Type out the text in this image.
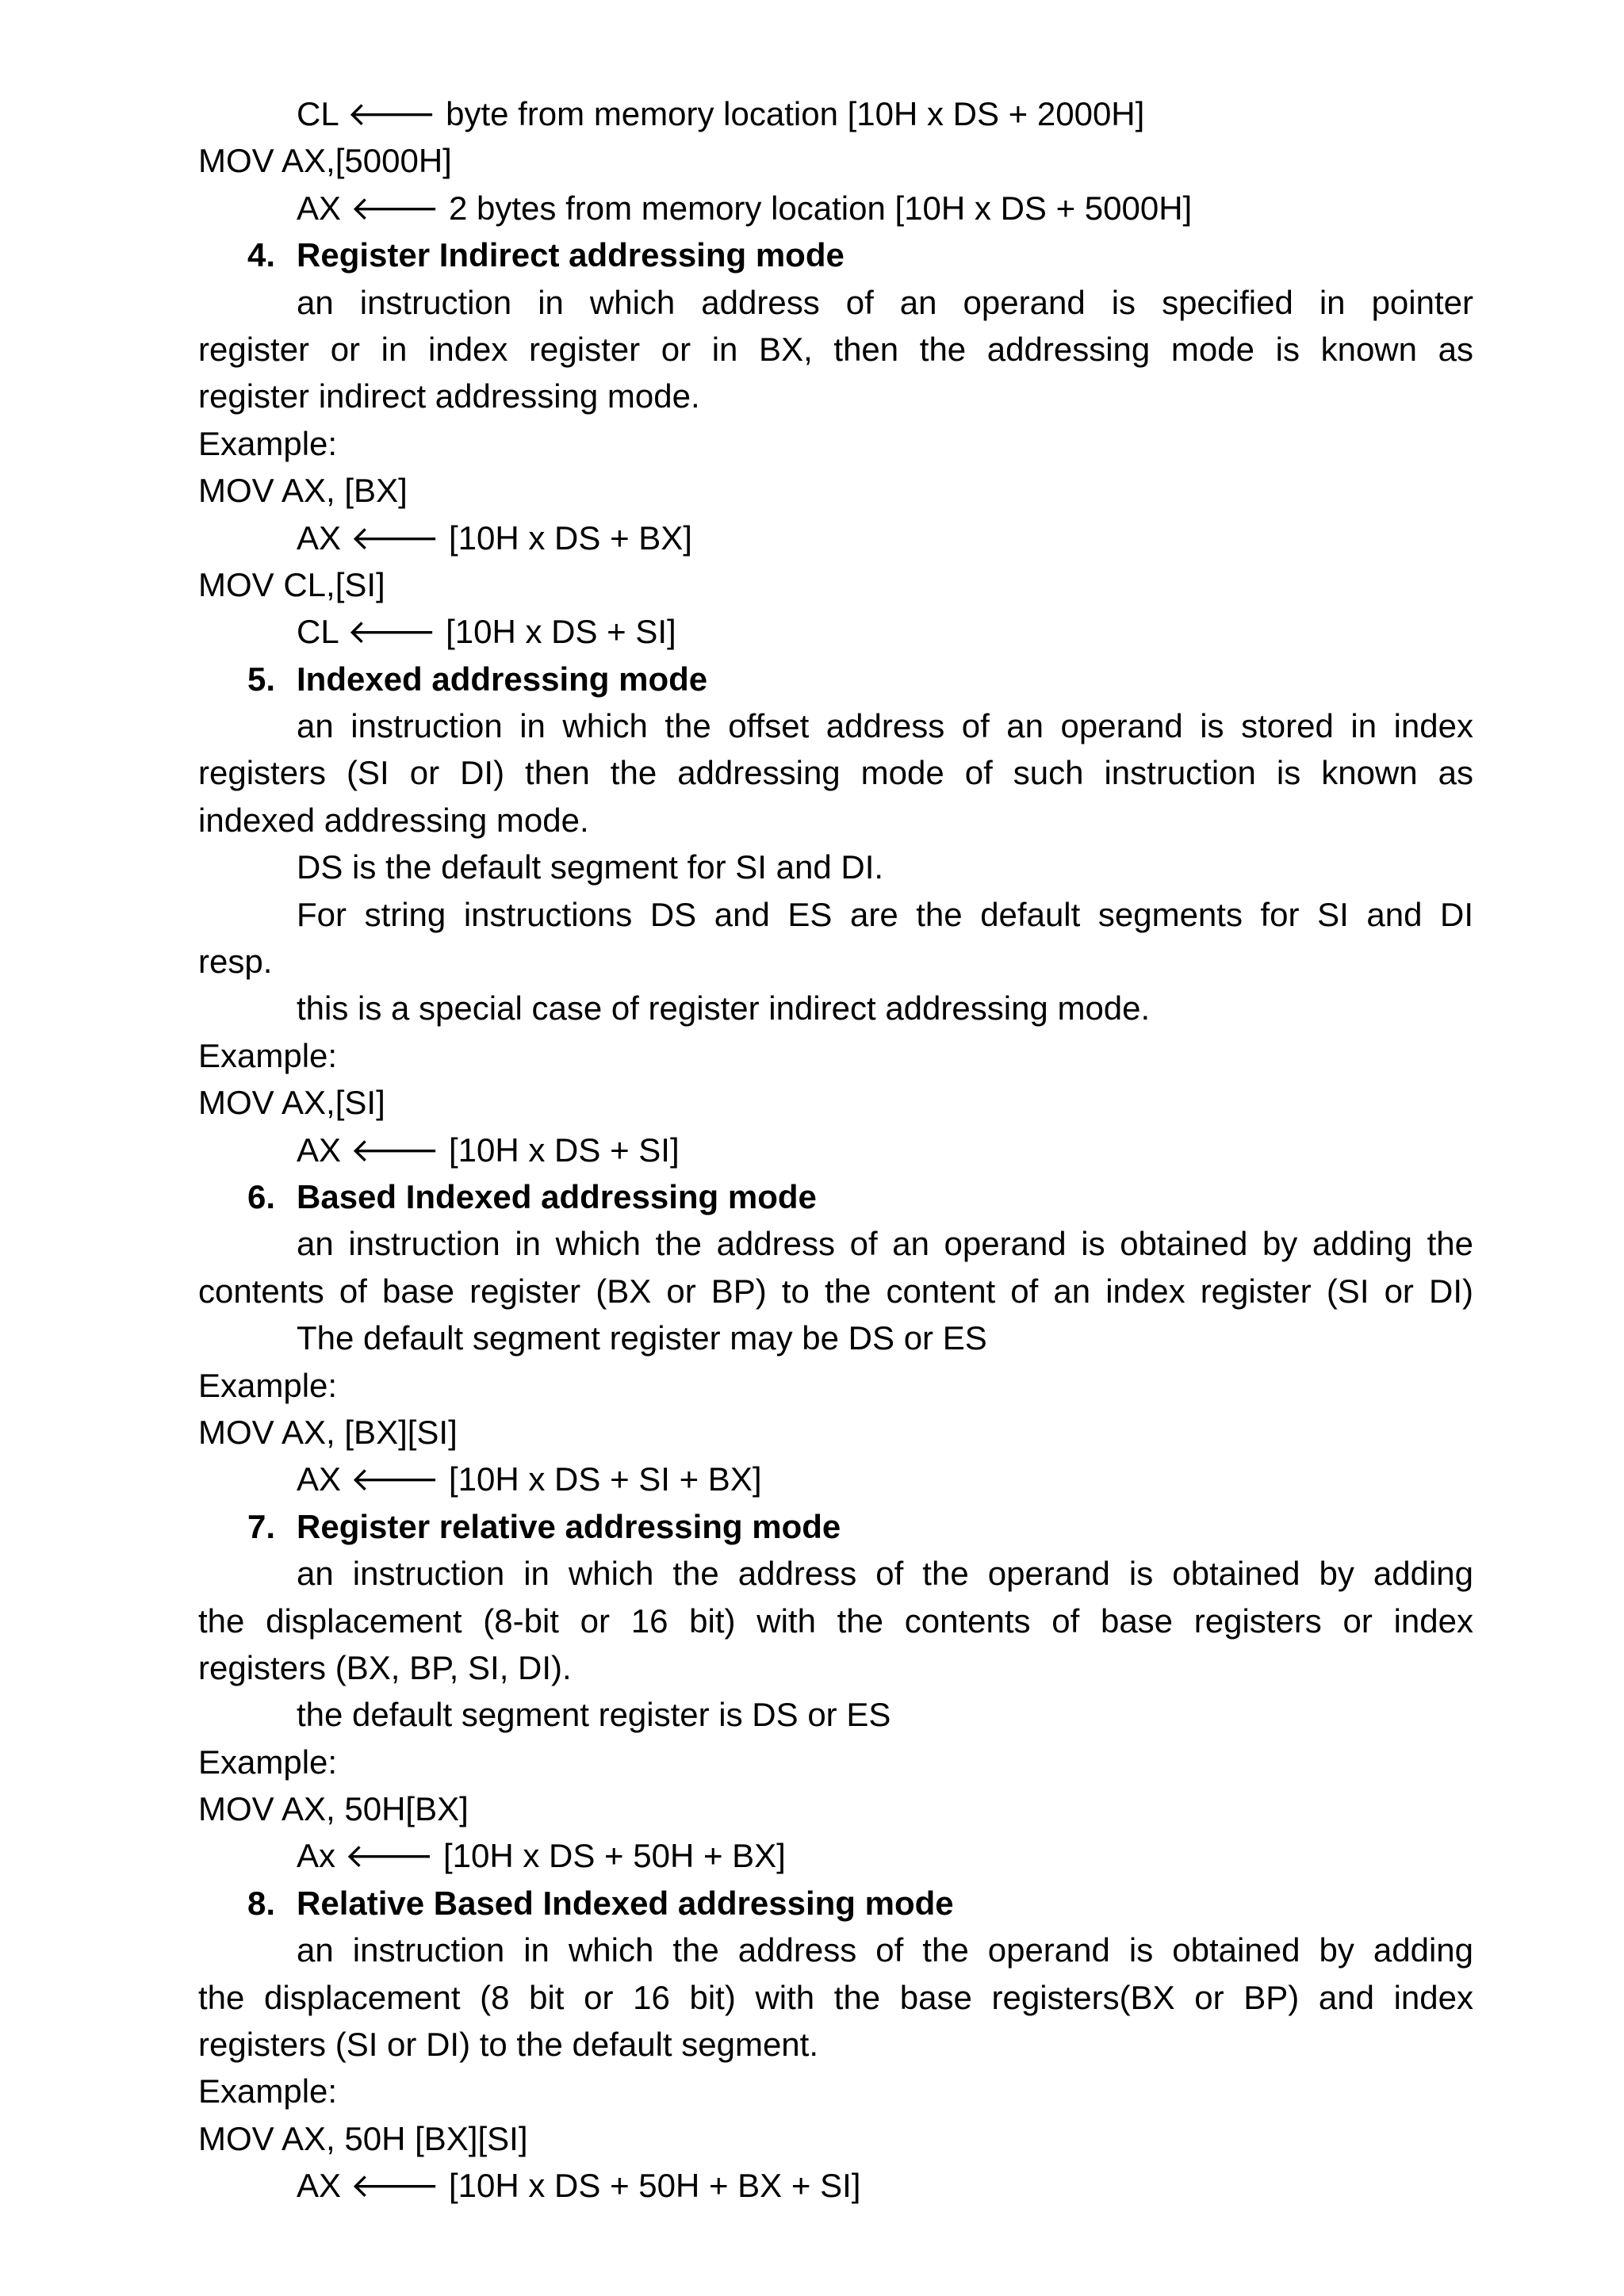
CL 🡐 byte from memory location [10H x DS + 2000H]
MOV AX,[5000H]
AX 🡐 2 bytes from memory location [10H x DS + 5000H]
4. Register Indirect addressing mode
an instruction in which address of an operand is specified in pointer
register or in index register or in BX, then the addressing mode is known as
register indirect addressing mode.
Example:
MOV AX, [BX]
AX 🡐 [10H x DS + BX]
MOV CL,[SI]
CL 🡐 [10H x DS + SI]
5. Indexed addressing mode
an instruction in which the offset address of an operand is stored in index
registers (SI or DI) then the addressing mode of such instruction is known as
indexed addressing mode.
DS is the default segment for SI and DI.
For string instructions DS and ES are the default segments for SI and DI
resp.
this is a special case of register indirect addressing mode.
Example:
MOV AX,[SI]
AX 🡐 [10H x DS + SI]
6. Based Indexed addressing mode
an instruction in which the address of an operand is obtained by adding the
contents of base register (BX or BP) to the content of an index register (SI or DI)
The default segment register may be DS or ES
Example:
MOV AX, [BX][SI]
AX 🡐 [10H x DS + SI + BX]
7. Register relative addressing mode
an instruction in which the address of the operand is obtained by adding
the displacement (8-bit or 16 bit) with the contents of base registers or index
registers (BX, BP, SI, DI).
the default segment register is DS or ES
Example:
MOV AX, 50H[BX]
Ax 🡐 [10H x DS + 50H + BX]
8. Relative Based Indexed addressing mode
an instruction in which the address of the operand is obtained by adding
the displacement (8 bit or 16 bit) with the base registers(BX or BP) and index
registers (SI or DI) to the default segment.
Example:
MOV AX, 50H [BX][SI]
AX 🡐 [10H x DS + 50H + BX + SI]
